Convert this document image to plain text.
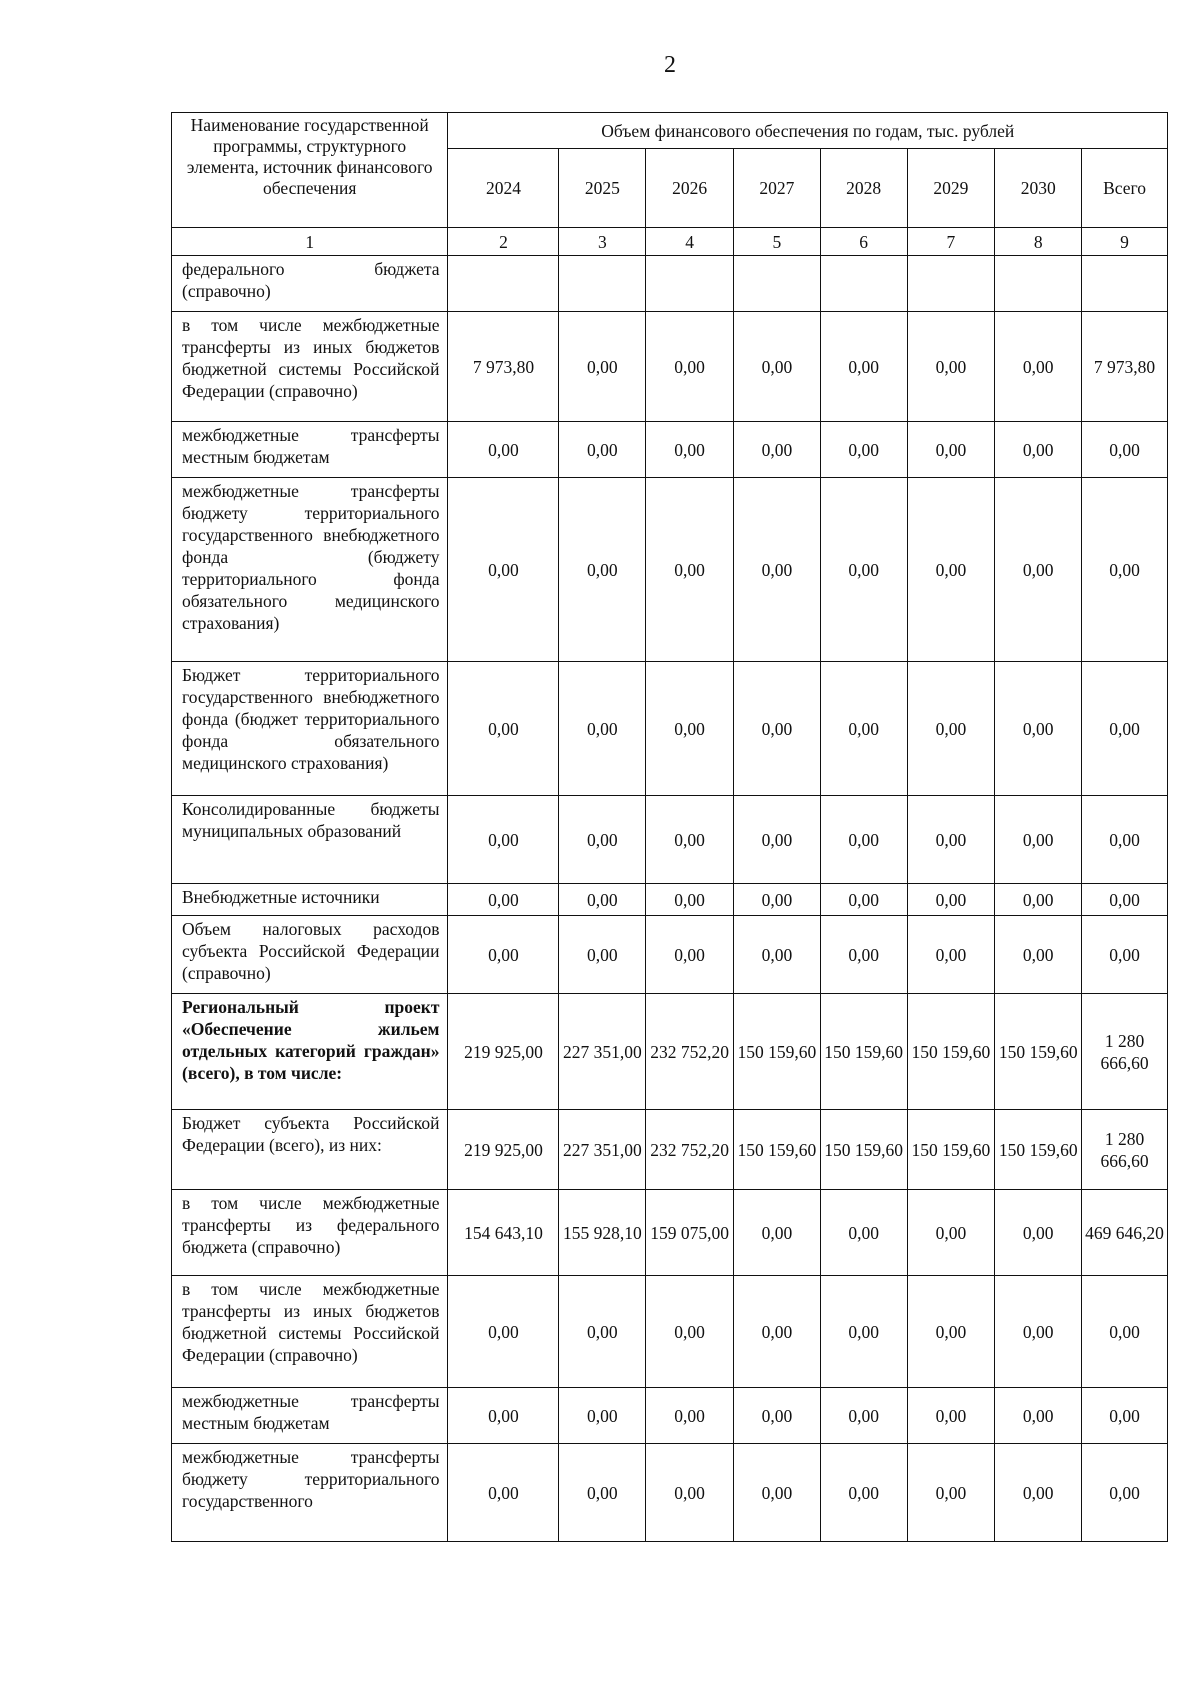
2
Наименование государственной программы, структурного элемента, источник финансового обеспечения	Объем финансового обеспечения по годам, тыс. рублей							
	2024	2025	2026	2027	2028	2029	2030	Всего
1	2	3	4	5	6	7	8	9
федерального бюджета (справочно)								
в том числе межбюджетные трансферты из иных бюджетов бюджетной системы Российской Федерации (справочно)	7 973,80	0,00	0,00	0,00	0,00	0,00	0,00	7 973,80
межбюджетные трансферты местным бюджетам	0,00	0,00	0,00	0,00	0,00	0,00	0,00	0,00
межбюджетные трансферты бюджету территориального государственного внебюджетного фонда (бюджету территориального фонда обязательного медицинского страхования)	0,00	0,00	0,00	0,00	0,00	0,00	0,00	0,00
Бюджет территориального государственного внебюджетного фонда (бюджет территориального фонда обязательного медицинского страхования)	0,00	0,00	0,00	0,00	0,00	0,00	0,00	0,00
Консолидированные бюджеты муниципальных образований	0,00	0,00	0,00	0,00	0,00	0,00	0,00	0,00
Внебюджетные источники	0,00	0,00	0,00	0,00	0,00	0,00	0,00	0,00
Объем налоговых расходов субъекта Российской Федерации (справочно)	0,00	0,00	0,00	0,00	0,00	0,00	0,00	0,00
Региональный проект «Обеспечение жильем отдельных категорий граждан» (всего), в том числе:	219 925,00	227 351,00	232 752,20	150 159,60	150 159,60	150 159,60	150 159,60	1 280 666,60
Бюджет субъекта Российской Федерации (всего), из них:	219 925,00	227 351,00	232 752,20	150 159,60	150 159,60	150 159,60	150 159,60	1 280 666,60
в том числе межбюджетные трансферты из федерального бюджета (справочно)	154 643,10	155 928,10	159 075,00	0,00	0,00	0,00	0,00	469 646,20
в том числе межбюджетные трансферты из иных бюджетов бюджетной системы Российской Федерации (справочно)	0,00	0,00	0,00	0,00	0,00	0,00	0,00	0,00
межбюджетные трансферты местным бюджетам	0,00	0,00	0,00	0,00	0,00	0,00	0,00	0,00
межбюджетные трансферты бюджету территориального государственного	0,00	0,00	0,00	0,00	0,00	0,00	0,00	0,00
